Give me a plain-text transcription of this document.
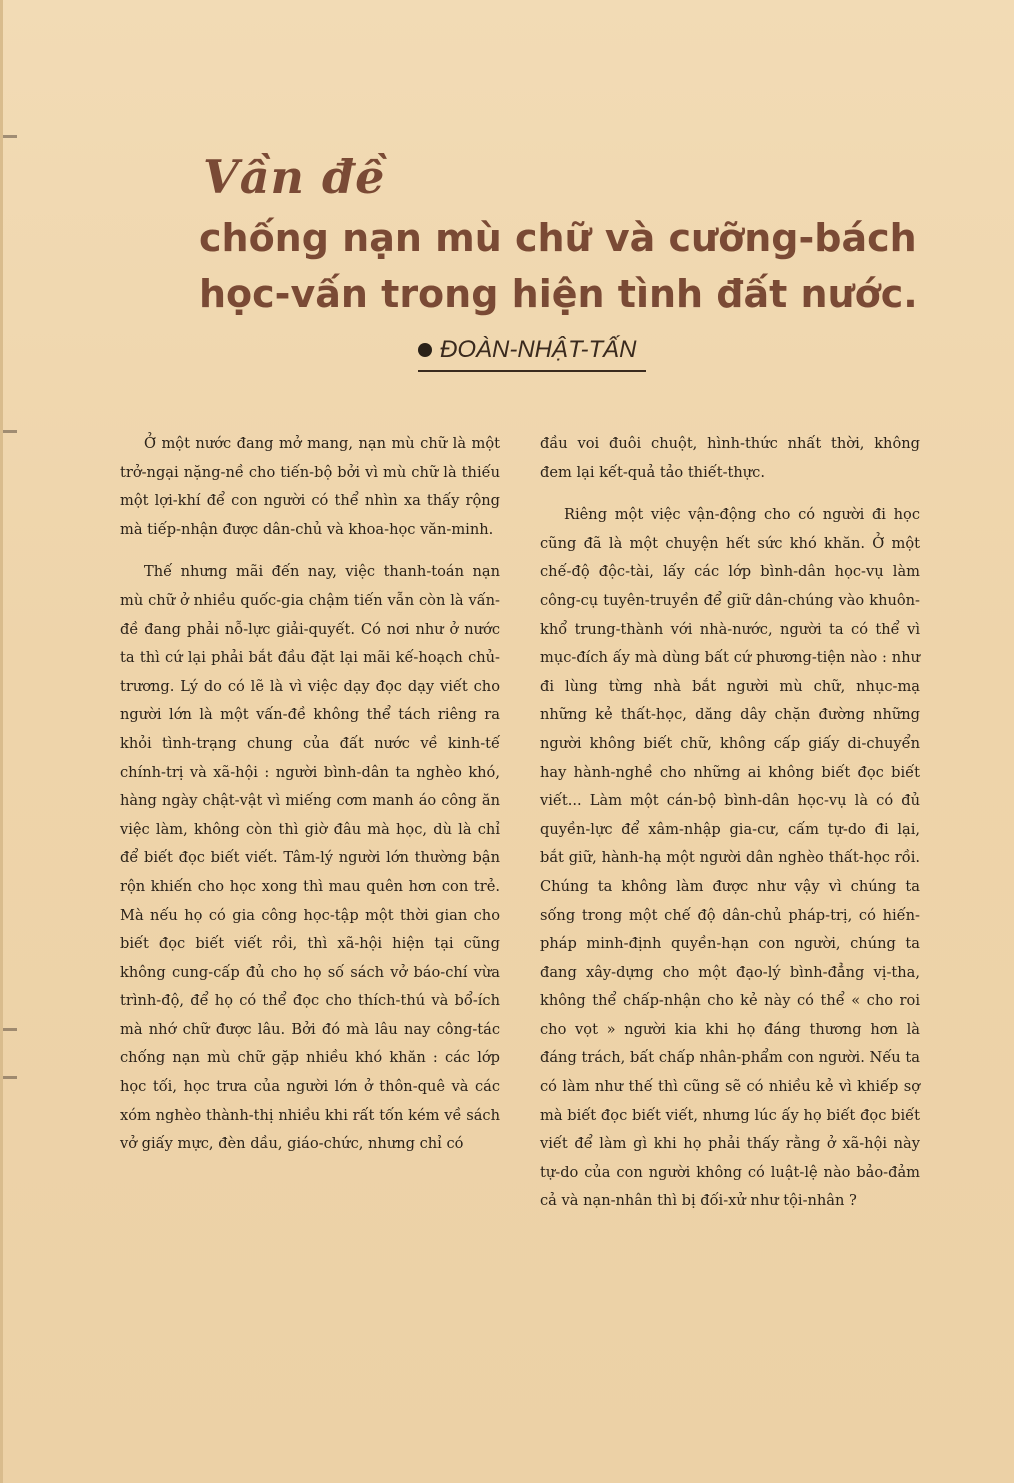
Vần đề
chống nạn mù chữ và cưỡng-bách học-vấn trong hiện tình đất nước.
ĐOÀN-NHẬT-TẤN

Ở một nước đang mở mang, nạn mù chữ là một trở-ngại nặng-nề cho tiến-bộ bởi vì mù chữ là thiếu một lợi-khí để con người có thể nhìn xa thấy rộng mà tiếp-nhận được dân-chủ và khoa-học văn-minh.

Thế nhưng mãi đến nay, việc thanh-toán nạn mù chữ ở nhiều quốc-gia chậm tiến vẫn còn là vấn-đề đang phải nỗ-lực giải-quyết. Có nơi như ở nước ta thì cứ lại phải bắt đầu đặt lại mãi kế-hoạch chủ-trương. Lý do có lẽ là vì việc dạy đọc dạy viết cho người lớn là một vấn-đề không thể tách riêng ra khỏi tình-trạng chung của đất nước về kinh-tế chính-trị và xã-hội : người bình-dân ta nghèo khó, hàng ngày chật-vật vì miếng cơm manh áo công ăn việc làm, không còn thì giờ đâu mà học, dù là chỉ để biết đọc biết viết. Tâm-lý người lớn thường bận rộn khiến cho học xong thì mau quên hơn con trẻ. Mà nếu họ có gia công học-tập một thời gian cho biết đọc biết viết rồi, thì xã-hội hiện tại cũng không cung-cấp đủ cho họ số sách vở báo-chí vừa trình-độ, để họ có thể đọc cho thích-thú và bổ-ích mà nhớ chữ được lâu. Bởi đó mà lâu nay công-tác chống nạn mù chữ gặp nhiều khó khăn : các lớp học tối, học trưa của người lớn ở thôn-quê và các xóm nghèo thành-thị nhiều khi rất tốn kém về sách vở giấy mực, đèn dầu, giáo-chức, nhưng chỉ có

đầu voi đuôi chuột, hình-thức nhất thời, không đem lại kết-quả tảo thiết-thực.

Riêng một việc vận-động cho có người đi học cũng đã là một chuyện hết sức khó khăn. Ở một chế-độ độc-tài, lấy các lớp bình-dân học-vụ làm công-cụ tuyên-truyền để giữ dân-chúng vào khuôn-khổ trung-thành với nhà-nước, người ta có thể vì mục-đích ấy mà dùng bất cứ phương-tiện nào : như đi lùng từng nhà bắt người mù chữ, nhục-mạ những kẻ thất-học, dăng dây chặn đường những người không biết chữ, không cấp giấy di-chuyển hay hành-nghề cho những ai không biết đọc biết viết... Làm một cán-bộ bình-dân học-vụ là có đủ quyền-lực để xâm-nhập gia-cư, cấm tự-do đi lại, bắt giữ, hành-hạ một người dân nghèo thất-học rồi. Chúng ta không làm được như vậy vì chúng ta sống trong một chế độ dân-chủ pháp-trị, có hiến-pháp minh-định quyền-hạn con người, chúng ta đang xây-dựng cho một đạo-lý bình-đẳng vị-tha, không thể chấp-nhận cho kẻ này có thể « cho roi cho vọt » người kia khi họ đáng thương hơn là đáng trách, bất chấp nhân-phẩm con người. Nếu ta có làm như thế thì cũng sẽ có nhiều kẻ vì khiếp sợ mà biết đọc biết viết, nhưng lúc ấy họ biết đọc biết viết để làm gì khi họ phải thấy rằng ở xã-hội này tự-do của con người không có luật-lệ nào bảo-đảm cả và nạn-nhân thì bị đối-xử như tội-nhân ?
